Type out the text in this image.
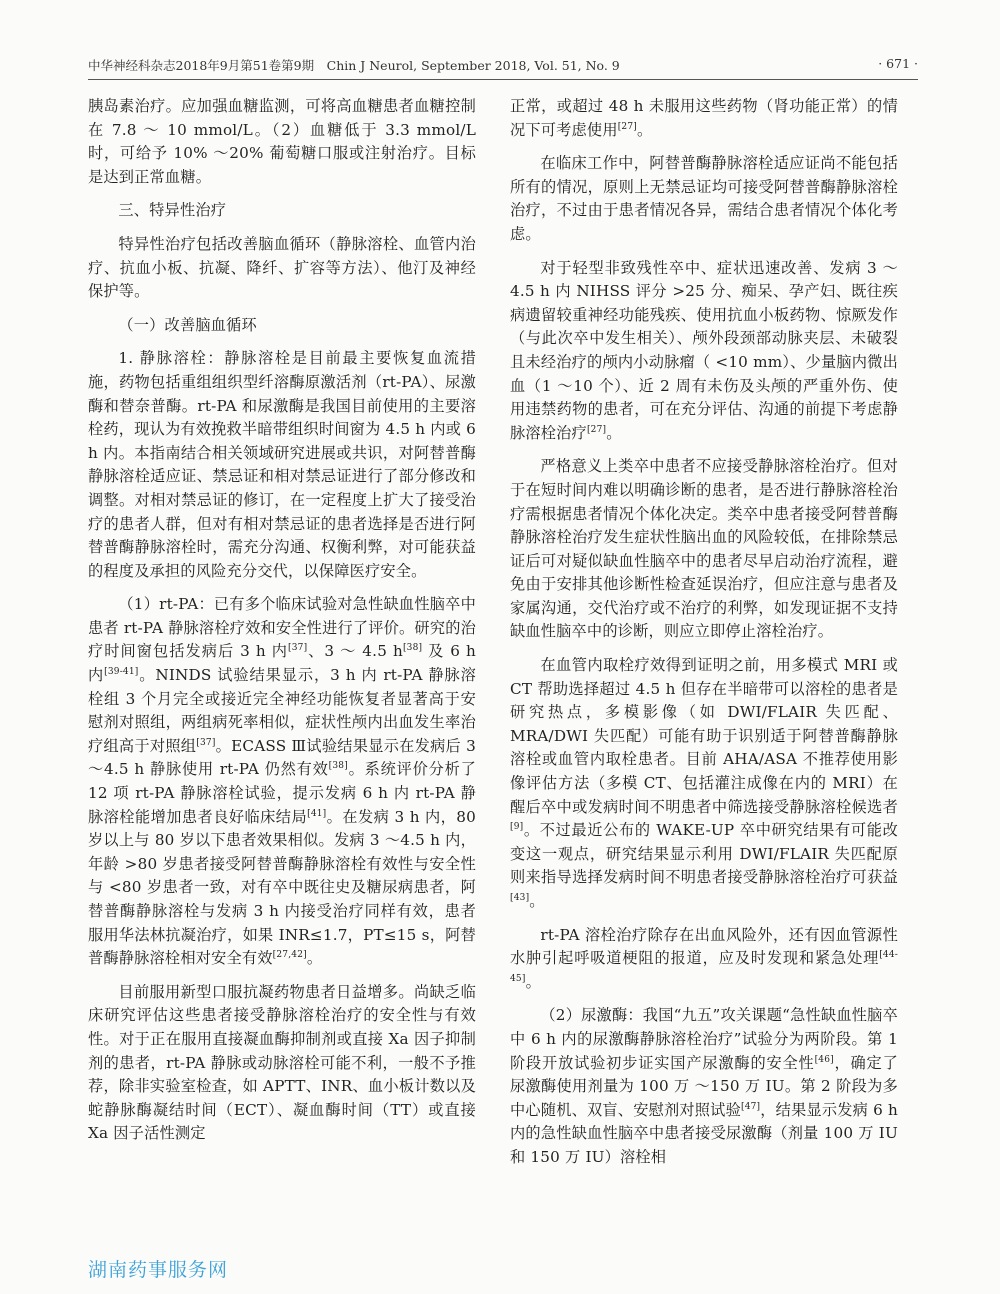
中华神经科杂志2018年9月第51卷第9期　Chin J Neurol, September 2018, Vol. 51, No. 9	· 671 ·

胰岛素治疗。应加强血糖监测，可将高血糖患者血糖控制在 7.8 ～ 10 mmol/L。（2）血糖低于 3.3 mmol/L 时，可给予 10% ～20% 葡萄糖口服或注射治疗。目标是达到正常血糖。

三、特异性治疗

特异性治疗包括改善脑血循环（静脉溶栓、血管内治疗、抗血小板、抗凝、降纤、扩容等方法）、他汀及神经保护等。

（一）改善脑血循环

1. 静脉溶栓：静脉溶栓是目前最主要恢复血流措施，药物包括重组组织型纤溶酶原激活剂（rt-PA）、尿激酶和替奈普酶。rt-PA 和尿激酶是我国目前使用的主要溶栓药，现认为有效挽救半暗带组织时间窗为 4.5 h 内或 6 h 内。本指南结合相关领域研究进展或共识，对阿替普酶静脉溶栓适应证、禁忌证和相对禁忌证进行了部分修改和调整。对相对禁忌证的修订，在一定程度上扩大了接受治疗的患者人群，但对有相对禁忌证的患者选择是否进行阿替普酶静脉溶栓时，需充分沟通、权衡利弊，对可能获益的程度及承担的风险充分交代，以保障医疗安全。

（1）rt-PA：已有多个临床试验对急性缺血性脑卒中患者 rt-PA 静脉溶栓疗效和安全性进行了评价。研究的治疗时间窗包括发病后 3 h 内[37]、3 ～ 4.5 h[38] 及 6 h 内[39-41]。NINDS 试验结果显示，3 h 内 rt-PA 静脉溶栓组 3 个月完全或接近完全神经功能恢复者显著高于安慰剂对照组，两组病死率相似，症状性颅内出血发生率治疗组高于对照组[37]。ECASS Ⅲ试验结果显示在发病后 3 ～4.5 h 静脉使用 rt-PA 仍然有效[38]。系统评价分析了 12 项 rt-PA 静脉溶栓试验，提示发病 6 h 内 rt-PA 静脉溶栓能增加患者良好临床结局[41]。在发病 3 h 内，80 岁以上与 80 岁以下患者效果相似。发病 3 ～4.5 h 内，年龄 >80 岁患者接受阿替普酶静脉溶栓有效性与安全性与 <80 岁患者一致，对有卒中既往史及糖尿病患者，阿替普酶静脉溶栓与发病 3 h 内接受治疗同样有效，患者服用华法林抗凝治疗，如果 INR≤1.7，PT≤15 s，阿替普酶静脉溶栓相对安全有效[27,42]。

目前服用新型口服抗凝药物患者日益增多。尚缺乏临床研究评估这些患者接受静脉溶栓治疗的安全性与有效性。对于正在服用直接凝血酶抑制剂或直接 Xa 因子抑制剂的患者，rt-PA 静脉或动脉溶栓可能不利，一般不予推荐，除非实验室检查，如 APTT、INR、血小板计数以及蛇静脉酶凝结时间（ECT）、凝血酶时间（TT）或直接 Xa 因子活性测定

正常，或超过 48 h 未服用这些药物（肾功能正常）的情况下可考虑使用[27]。

在临床工作中，阿替普酶静脉溶栓适应证尚不能包括所有的情况，原则上无禁忌证均可接受阿替普酶静脉溶栓治疗，不过由于患者情况各异，需结合患者情况个体化考虑。

对于轻型非致残性卒中、症状迅速改善、发病 3 ～4.5 h 内 NIHSS 评分 >25 分、痴呆、孕产妇、既往疾病遗留较重神经功能残疾、使用抗血小板药物、惊厥发作（与此次卒中发生相关）、颅外段颈部动脉夹层、未破裂且未经治疗的颅内小动脉瘤（ <10 mm）、少量脑内微出血（1 ～10 个）、近 2 周有未伤及头颅的严重外伤、使用违禁药物的患者，可在充分评估、沟通的前提下考虑静脉溶栓治疗[27]。

严格意义上类卒中患者不应接受静脉溶栓治疗。但对于在短时间内难以明确诊断的患者，是否进行静脉溶栓治疗需根据患者情况个体化决定。类卒中患者接受阿替普酶静脉溶栓治疗发生症状性脑出血的风险较低，在排除禁忌证后可对疑似缺血性脑卒中的患者尽早启动治疗流程，避免由于安排其他诊断性检查延误治疗，但应注意与患者及家属沟通，交代治疗或不治疗的利弊，如发现证据不支持缺血性脑卒中的诊断，则应立即停止溶栓治疗。

在血管内取栓疗效得到证明之前，用多模式 MRI 或 CT 帮助选择超过 4.5 h 但存在半暗带可以溶栓的患者是研究热点，多模影像（如 DWI/FLAIR 失匹配、MRA/DWI 失匹配）可能有助于识别适于阿替普酶静脉溶栓或血管内取栓患者。目前 AHA/ASA 不推荐使用影像评估方法（多模 CT、包括灌注成像在内的 MRI）在醒后卒中或发病时间不明患者中筛选接受静脉溶栓候选者[9]。不过最近公布的 WAKE-UP 卒中研究结果有可能改变这一观点，研究结果显示利用 DWI/FLAIR 失匹配原则来指导选择发病时间不明患者接受静脉溶栓治疗可获益[43]。

rt-PA 溶栓治疗除存在出血风险外，还有因血管源性水肿引起呼吸道梗阻的报道，应及时发现和紧急处理[44-45]。

（2）尿激酶：我国“九五”攻关课题“急性缺血性脑卒中 6 h 内的尿激酶静脉溶栓治疗”试验分为两阶段。第 1 阶段开放试验初步证实国产尿激酶的安全性[46]，确定了尿激酶使用剂量为 100 万 ～150 万 IU。第 2 阶段为多中心随机、双盲、安慰剂对照试验[47]，结果显示发病 6 h 内的急性缺血性脑卒中患者接受尿激酶（剂量 100 万 IU 和 150 万 IU）溶栓相

湖南药事服务网
